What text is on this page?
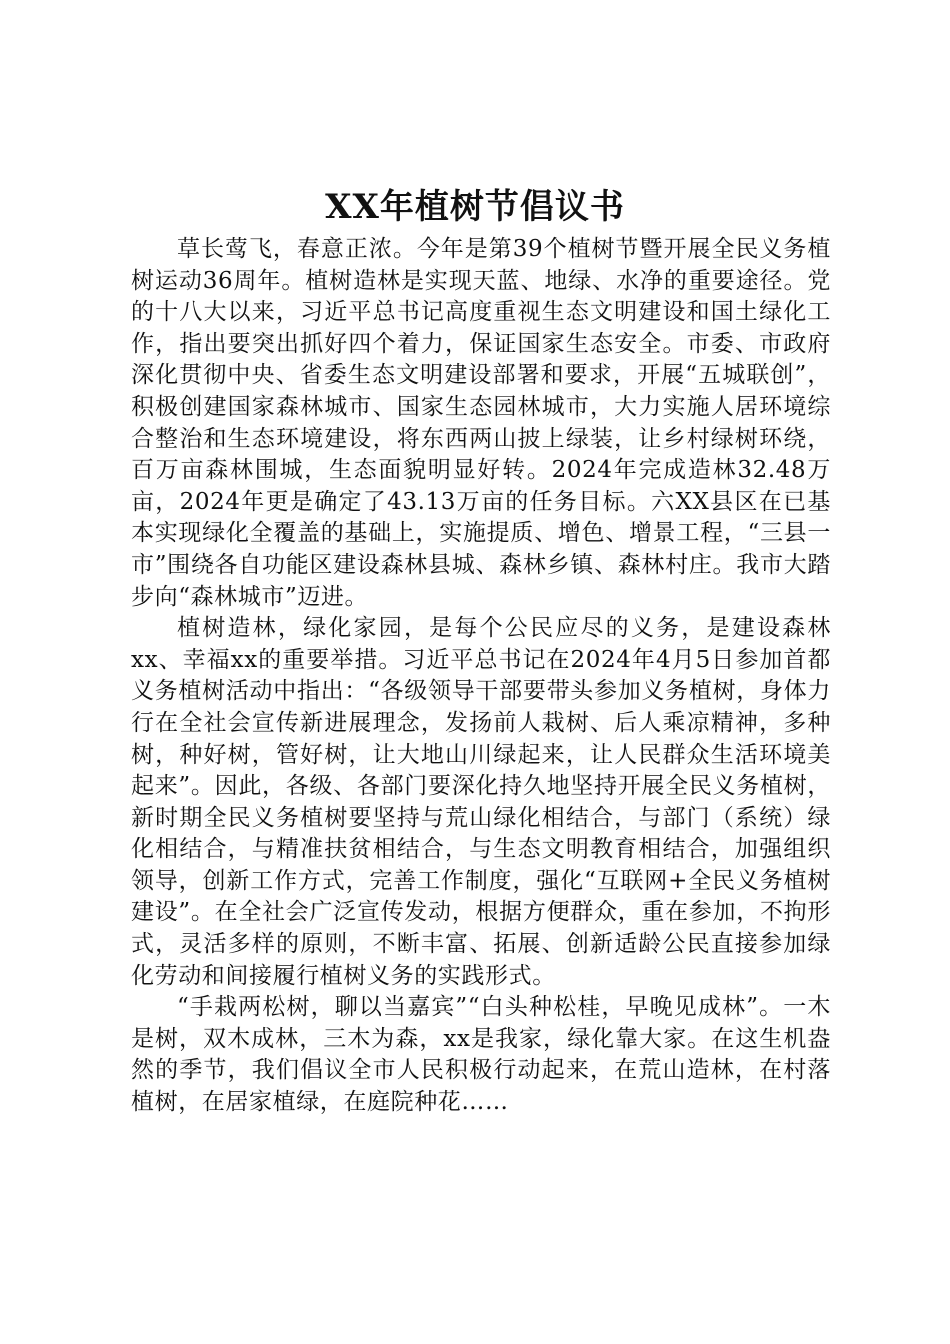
XX年植树节倡议书

草长莺飞，春意正浓。今年是第39个植树节暨开展全民义务植树运动36周年。植树造林是实现天蓝、地绿、水净的重要途径。党的十八大以来，习近平总书记高度重视生态文明建设和国土绿化工作，指出要突出抓好四个着力，保证国家生态安全。市委、市政府深化贯彻中央、省委生态文明建设部署和要求，开展“五城联创”，积极创建国家森林城市、国家生态园林城市，大力实施人居环境综合整治和生态环境建设，将东西两山披上绿装，让乡村绿树环绕，百万亩森林围城，生态面貌明显好转。2024年完成造林32.48万亩，2024年更是确定了43.13万亩的任务目标。六XX县区在已基本实现绿化全覆盖的基础上，实施提质、增色、增景工程，“三县一市”围绕各自功能区建设森林县城、森林乡镇、森林村庄。我市大踏步向“森林城市”迈进。

植树造林，绿化家园，是每个公民应尽的义务，是建设森林xx、幸福xx的重要举措。习近平总书记在2024年4月5日参加首都义务植树活动中指出：“各级领导干部要带头参加义务植树，身体力行在全社会宣传新进展理念，发扬前人栽树、后人乘凉精神，多种树，种好树，管好树，让大地山川绿起来，让人民群众生活环境美起来”。因此，各级、各部门要深化持久地坚持开展全民义务植树，新时期全民义务植树要坚持与荒山绿化相结合，与部门（系统）绿化相结合，与精准扶贫相结合，与生态文明教育相结合，加强组织领导，创新工作方式，完善工作制度，强化“互联网+全民义务植树建设”。在全社会广泛宣传发动，根据方便群众，重在参加，不拘形式，灵活多样的原则，不断丰富、拓展、创新适龄公民直接参加绿化劳动和间接履行植树义务的实践形式。

“手栽两松树，聊以当嘉宾”“白头种松桂，早晚见成林”。一木是树，双木成林，三木为森，xx是我家，绿化靠大家。在这生机盎然的季节，我们倡议全市人民积极行动起来，在荒山造林，在村落植树，在居家植绿，在庭院种花……
